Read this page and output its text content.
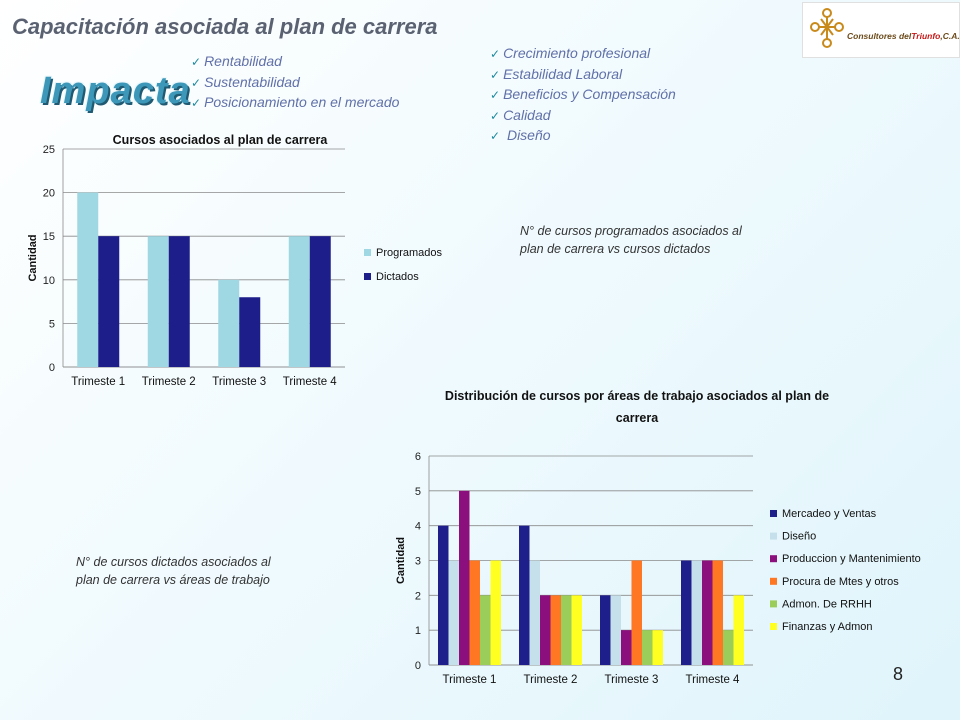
Capacitación asociada al plan de carrera	Consultores delTriunfo,C.A.
Impacta
✓ Rentabilidad
✓ Sustentabilidad
✓ Posicionamiento en el mercado
✓ Crecimiento profesional
✓ Estabilidad Laboral
✓ Beneficios y Compensación
✓ Calidad
✓ Diseño
Cursos asociados al plan de carrera
0
5
10
15
20
25
Cantidad
Trimeste 1 Trimeste 2 Trimeste 3 Trimeste 4
Programados
Dictados
Distribución de cursos por áreas de trabajo asociados al plan de
carrera
0
1
2
3
4
5
6
Cantidad
Trimeste 1 Trimeste 2 Trimeste 3 Trimeste 4
Mercadeo y Ventas
Diseño
Produccion y Mantenimiento
Procura de Mtes y otros
Admon. De RRHH
Finanzas y Admon
N° de cursos programados asociados al
plan de carrera vs cursos dictados
N° de cursos dictados asociados al
plan de carrera vs áreas de trabajo
8
